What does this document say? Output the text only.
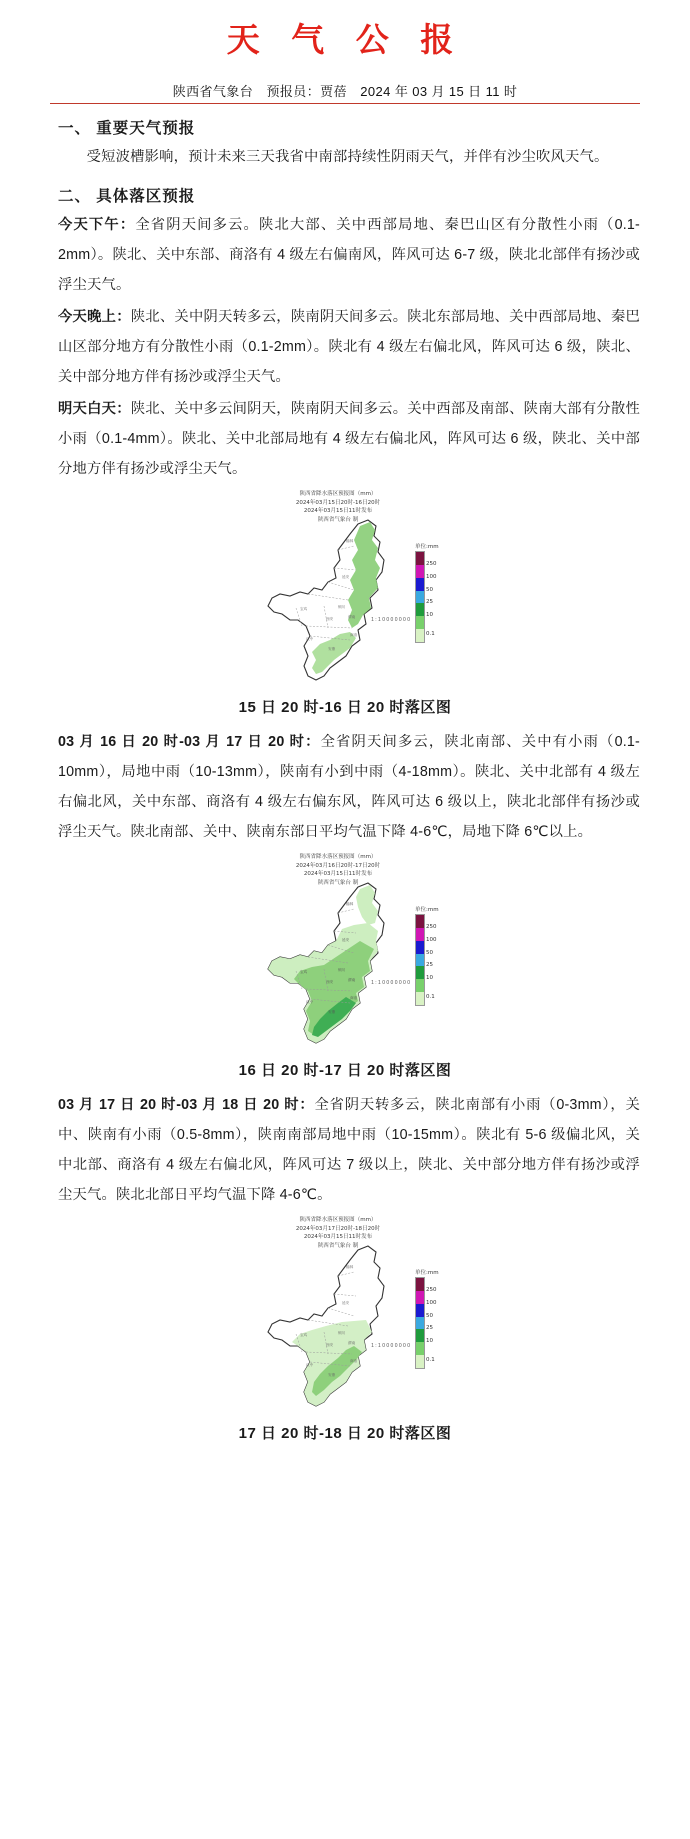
天 气 公 报
陕西省气象台　预报员：贾蓓　2024 年 03 月 15 日 11 时
一、 重要天气预报

受短波槽影响，预计未来三天我省中南部持续性阴雨天气，并伴有沙尘吹风天气。

二、 具体落区预报

今天下午：全省阴天间多云。陕北大部、关中西部局地、秦巴山区有分散性小雨（0.1-2mm）。陕北、关中东部、商洛有 4 级左右偏南风，阵风可达 6-7 级，陕北北部伴有扬沙或浮尘天气。

今天晚上：陕北、关中阴天转多云，陕南阴天间多云。陕北东部局地、关中西部局地、秦巴山区部分地方有分散性小雨（0.1-2mm）。陕北有 4 级左右偏北风，阵风可达 6 级，陕北、关中部分地方伴有扬沙或浮尘天气。

明天白天：陕北、关中多云间阴天，陕南阴天间多云。关中西部及南部、陕南大部有分散性小雨（0.1-4mm）。陕北、关中北部局地有 4 级左右偏北风，阵风可达 6 级，陕北、关中部分地方伴有扬沙或浮尘天气。

陕西省降水落区预报图（mm）
2024年03月15日20时-16日20时
2024年03月15日11时发布
陕西省气象台 制
榆林
延安
铜川
宝鸡
西安	渭南
汉中
安康
商洛
单位:mm
250
100
50
25
10
0.1
1 : 1 0 0 0 0 0 0 0
15 日 20 时-16 日 20 时落区图

03 月 16 日 20 时-03 月 17 日 20 时：全省阴天间多云，陕北南部、关中有小雨（0.1-10mm），局地中雨（10-13mm），陕南有小到中雨（4-18mm）。陕北、关中北部有 4 级左右偏北风，关中东部、商洛有 4 级左右偏东风，阵风可达 6 级以上，陕北北部伴有扬沙或浮尘天气。陕北南部、关中、陕南东部日平均气温下降 4-6℃，局地下降 6℃以上。

陕西省降水落区预报图（mm）
2024年03月16日20时-17日20时
2024年03月15日11时发布
陕西省气象台 制
榆林
延安
铜川
宝鸡
西安	渭南
汉中
安康
商洛
单位:mm
250
100
50
25
10
0.1
1 : 1 0 0 0 0 0 0 0
16 日 20 时-17 日 20 时落区图

03 月 17 日 20 时-03 月 18 日 20 时：全省阴天转多云，陕北南部有小雨（0-3mm），关中、陕南有小雨（0.5-8mm），陕南南部局地中雨（10-15mm）。陕北有 5-6 级偏北风，关中北部、商洛有 4 级左右偏北风，阵风可达 7 级以上，陕北、关中部分地方伴有扬沙或浮尘天气。陕北北部日平均气温下降 4-6℃。

陕西省降水落区预报图（mm）
2024年03月17日20时-18日20时
2024年03月15日11时发布
陕西省气象台 制
榆林
延安
铜川
宝鸡
西安	渭南
汉中
安康
商洛
单位:mm
250
100
50
25
10
0.1
1 : 1 0 0 0 0 0 0 0
17 日 20 时-18 日 20 时落区图
